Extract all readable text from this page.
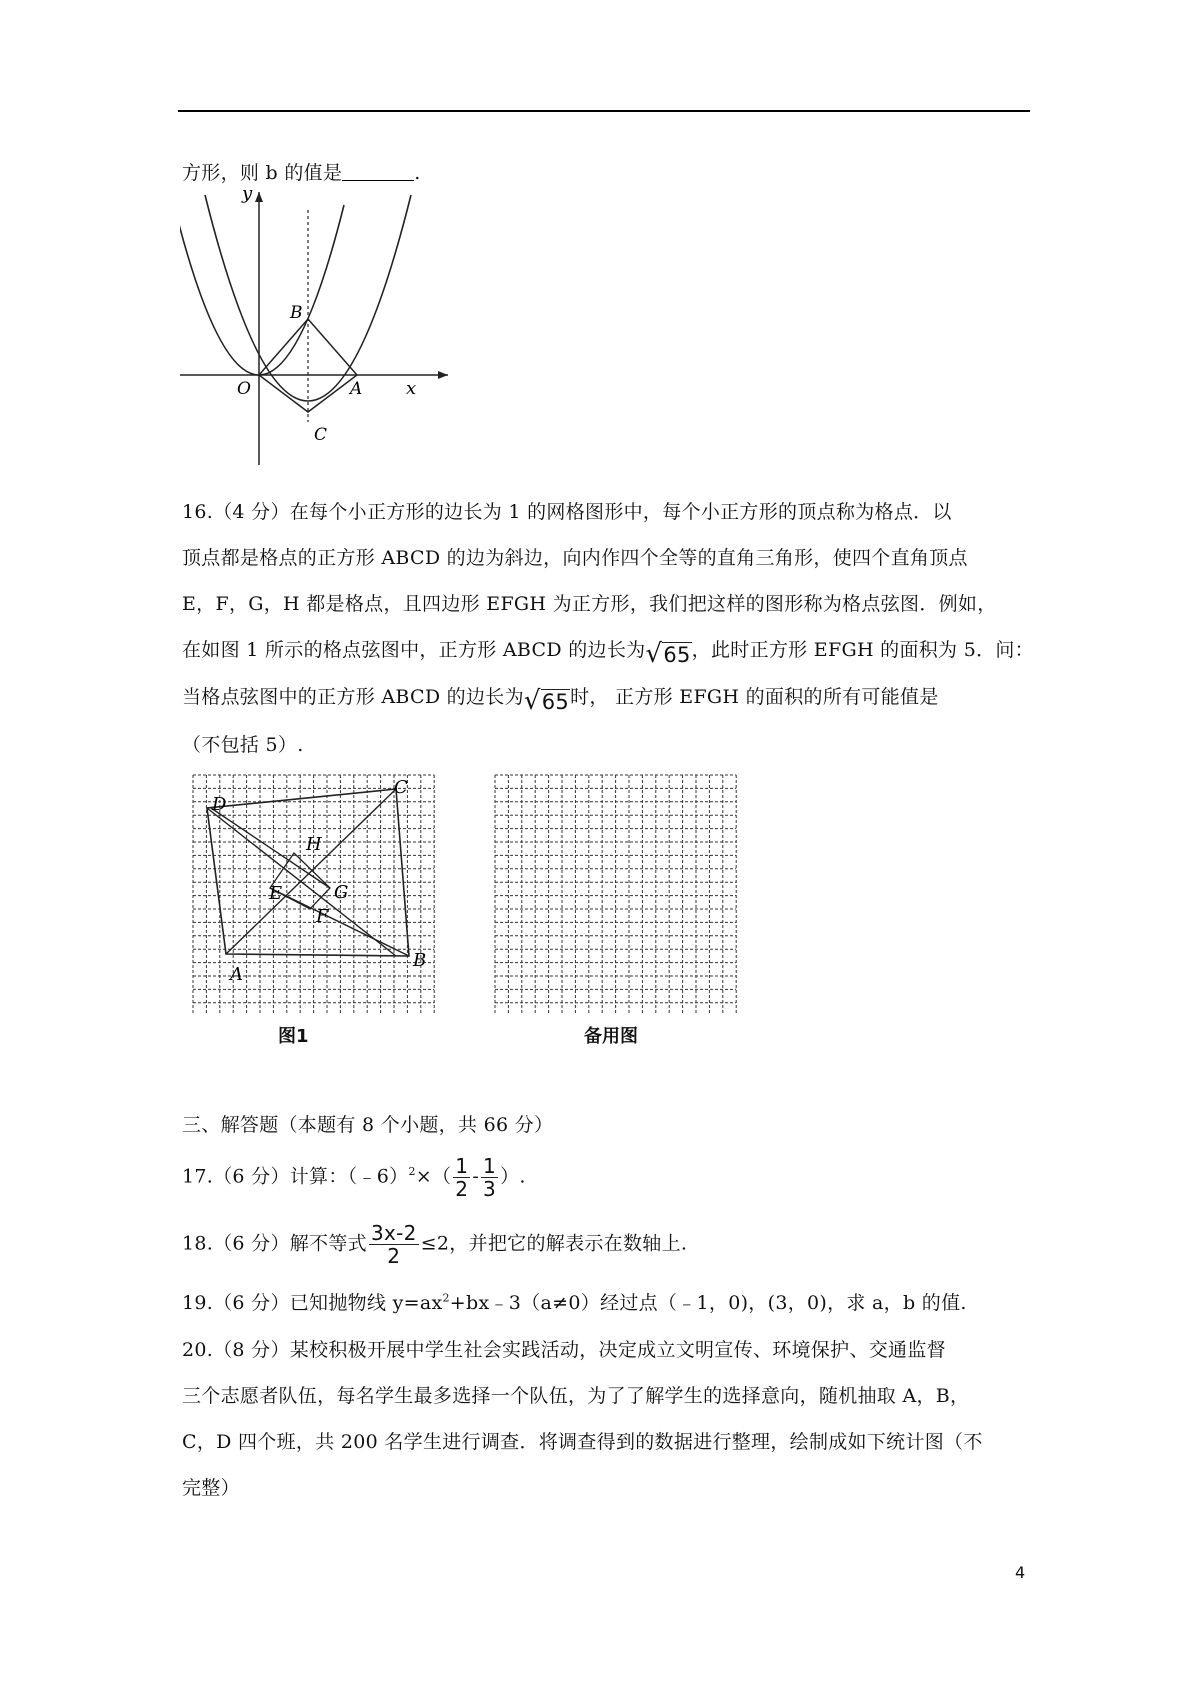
方形，则 b 的值是	.
y
x
O	A
B
C
16.（4 分）在每个小正方形的边长为 1 的网格图形中，每个小正方形的顶点称为格点．以
顶点都是格点的正方形 ABCD 的边为斜边，向内作四个全等的直角三角形，使四个直角顶点
E，F，G，H 都是格点，且四边形 EFGH 为正方形，我们把这样的图形称为格点弦图．例如，
在如图 1 所示的格点弦图中，正方形 ABCD 的边长为 √ 65 ，此时正方形 EFGH 的面积为 5．问：
当格点弦图中的正方形 ABCD 的边长为 √ 65 时， 正方形 EFGH 的面积的所有可能值是
（不包括 5）.
D
C
H
G
E
F
A
B
图1	备用图
三、解答题（本题有 8 个小题，共 66 分）
17.（6 分）计算：（﹣6）$^2$×（ $\frac{1}{2} - \frac{1}{3}$ ）.
18.（6 分）解不等式 $\frac{3x-2}{2} \le 2$，并把它的解表示在数轴上.
19.（6 分）已知抛物线 $y=ax^2+bx﹣3(a\ne 0)$经过点（﹣1，0)，(3，0)，求 a，b 的值.
20.（8 分）某校积极开展中学生社会实践活动，决定成立文明宣传、环境保护、交通监督
三个志愿者队伍，每名学生最多选择一个队伍，为了了解学生的选择意向，随机抽取 A，B，
C，D 四个班，共 200 名学生进行调查．将调查得到的数据进行整理，绘制成如下统计图（不
完整）
4
